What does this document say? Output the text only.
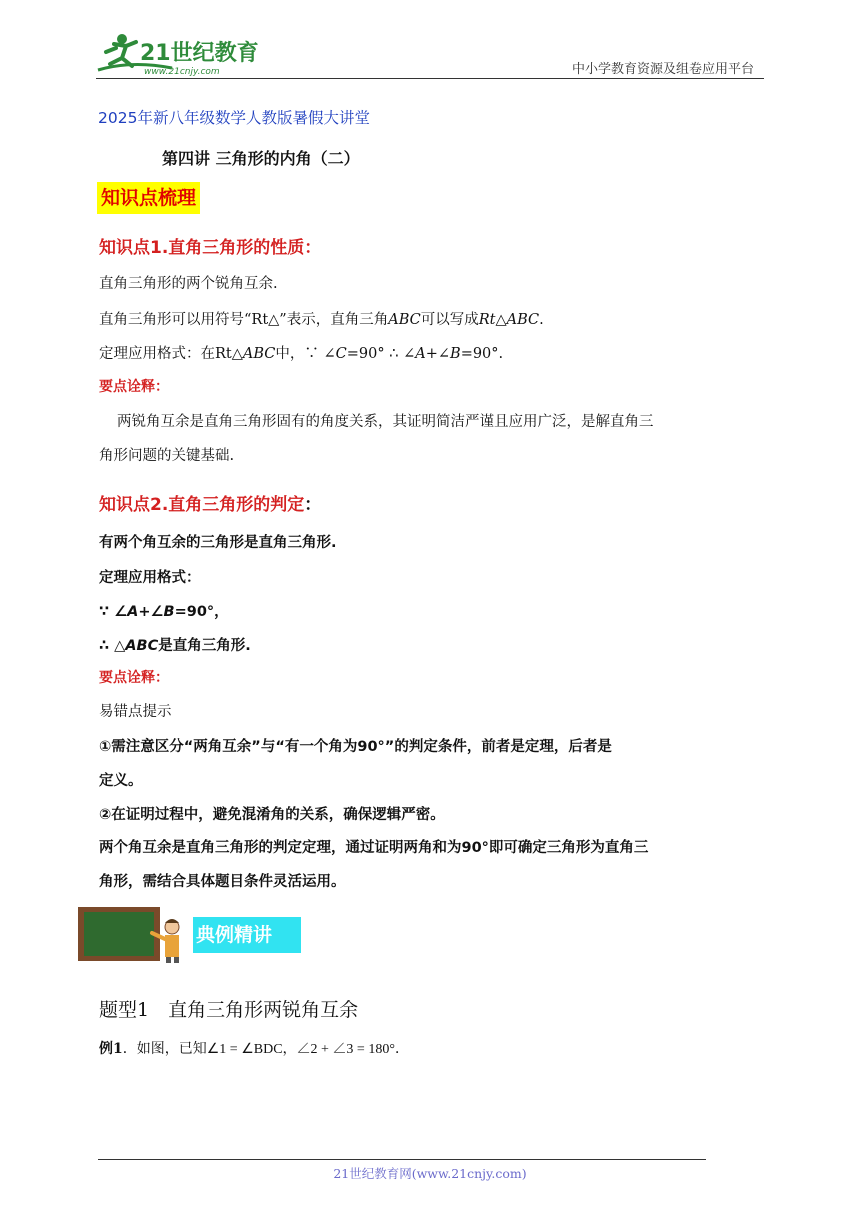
21世纪教育
www.21cnjy.com	中小学教育资源及组卷应用平台
2025年新八年级数学人教版暑假大讲堂
第四讲 三角形的内角（二）
知识点梳理
知识点1.直角三角形的性质：
直角三角形的两个锐角互余.
直角三角形可以用符号“Rt△”表示，直角三角ABC可以写成Rt△ABC.
定理应用格式：在Rt△ABC中，∵ ∠C=90° ∴ ∠A+∠B=90°.
要点诠释：
两锐角互余是直角三角形固有的角度关系，其证明简洁严谨且应用广泛，是解直角三
角形问题的关键基础.
知识点2.直角三角形的判定：
有两个角互余的三角形是直角三角形.
定理应用格式：
∵ ∠A+∠B=90°，
∴ △ABC是直角三角形.
要点诠释：
易错点提示
①需注意区分“两角互余”与“有一个角为90°”的判定条件，前者是定理，后者是
定义。
②在证明过程中，避免混淆角的关系，确保逻辑严密。
两个角互余是直角三角形的判定定理，通过证明两角和为90°即可确定三角形为直角三
角形，需结合具体题目条件灵活运用。
典例精讲
题型1　直角三角形两锐角互余
例1．如图，已知∠1 = ∠BDC，∠2 + ∠3 = 180°．
21世纪教育网(www.21cnjy.com)
